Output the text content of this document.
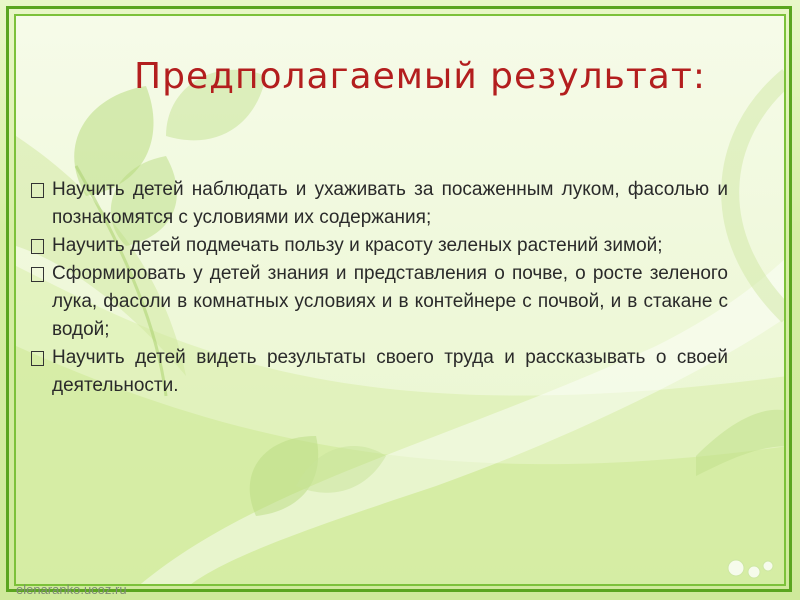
Предполагаемый результат:
Научить детей наблюдать и ухаживать за посаженным луком, фасолью и познакомятся с условиями их содержания;
Научить детей подмечать пользу и красоту зеленых растений зимой;
Сформировать у детей знания и представления о почве, о росте зеленого лука, фасоли в комнатных условиях и в контейнере с почвой, и в стакане с водой;
Научить детей видеть результаты своего труда и рассказывать о своей деятельности.
elenaranko.ucoz.ru
